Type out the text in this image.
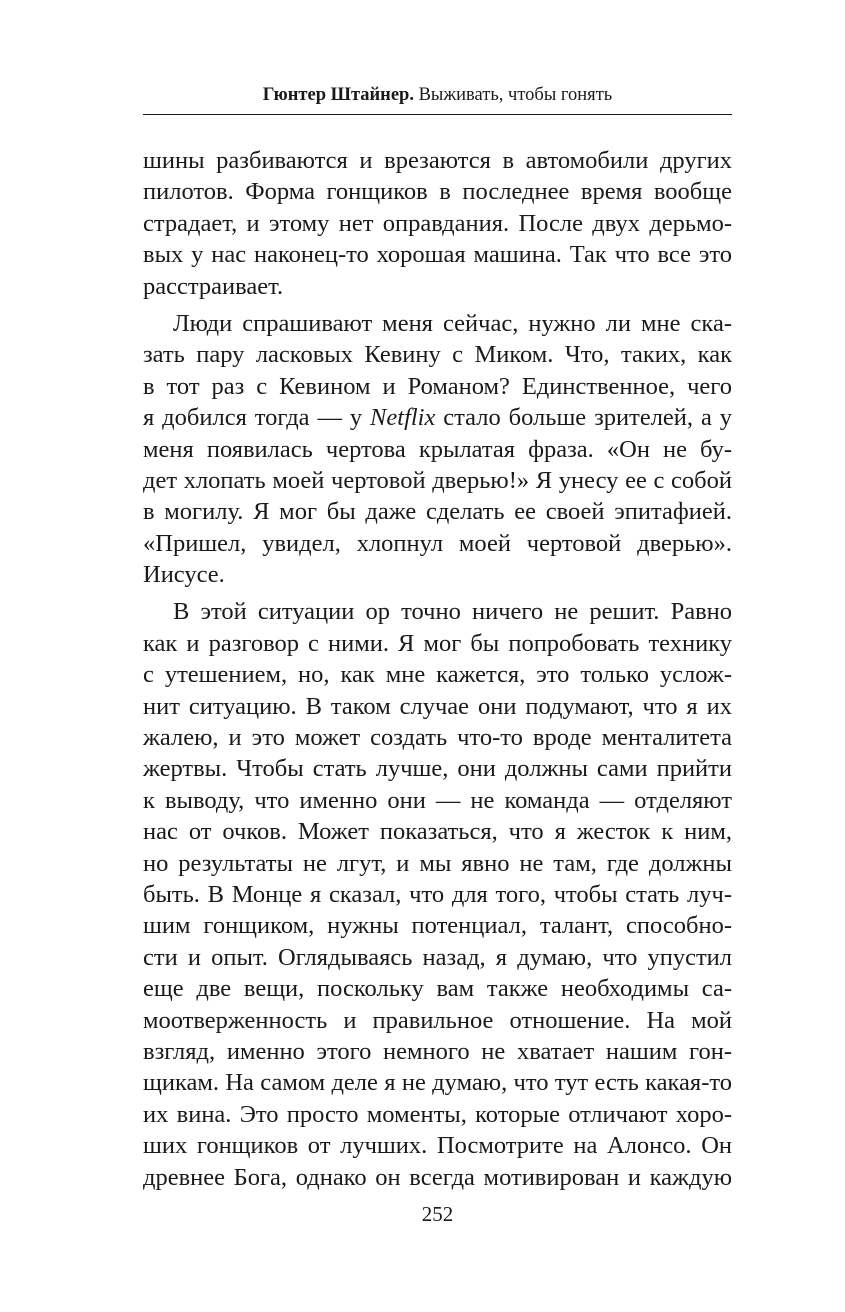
Гюнтер Штайнер. Выживать, чтобы гонять
шины разбиваются и врезаются в автомобили других
пилотов. Форма гонщиков в последнее время вообще
страдает, и этому нет оправдания. После двух дерьмо-
вых у нас наконец-то хорошая машина. Так что все это
расстраивает.
Люди спрашивают меня сейчас, нужно ли мне ска-
зать пару ласковых Кевину с Миком. Что, таких, как
в тот раз с Кевином и Романом? Единственное, чего
я добился тогда — у Netflix стало больше зрителей, а у
меня появилась чертова крылатая фраза. «Он не бу-
дет хлопать моей чертовой дверью!» Я унесу ее с собой
в могилу. Я мог бы даже сделать ее своей эпитафией.
«Пришел, увидел, хлопнул моей чертовой дверью».
Иисусе.
В этой ситуации ор точно ничего не решит. Равно
как и разговор с ними. Я мог бы попробовать технику
с утешением, но, как мне кажется, это только услож-
нит ситуацию. В таком случае они подумают, что я их
жалею, и это может создать что-то вроде менталитета
жертвы. Чтобы стать лучше, они должны сами прийти
к выводу, что именно они — не команда — отделяют
нас от очков. Может показаться, что я жесток к ним,
но результаты не лгут, и мы явно не там, где должны
быть. В Монце я сказал, что для того, чтобы стать луч-
шим гонщиком, нужны потенциал, талант, способно-
сти и опыт. Оглядываясь назад, я думаю, что упустил
еще две вещи, поскольку вам также необходимы са-
моотверженность и правильное отношение. На мой
взгляд, именно этого немного не хватает нашим гон-
щикам. На самом деле я не думаю, что тут есть какая-то
их вина. Это просто моменты, которые отличают хоро-
ших гонщиков от лучших. Посмотрите на Алонсо. Он
древнее Бога, однако он всегда мотивирован и каждую
252
